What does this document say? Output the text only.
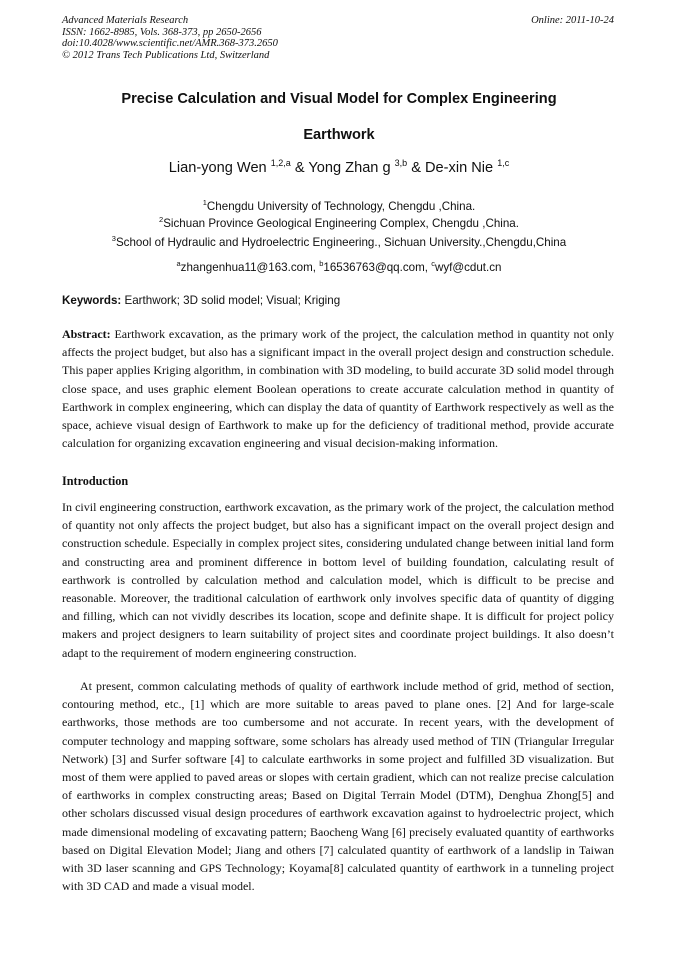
Advanced Materials Research
ISSN: 1662-8985, Vols. 368-373, pp 2650-2656
doi:10.4028/www.scientific.net/AMR.368-373.2650
© 2012 Trans Tech Publications Ltd, Switzerland
Online: 2011-10-24
Precise Calculation and Visual Model for Complex Engineering
Earthwork
Lian-yong Wen $^{1,2,a}$ & Yong Zhan g $^{3,b}$ & De-xin Nie $^{1,c}$
$^1$Chengdu University of Technology, Chengdu ,China.
$^2$Sichuan Province Geological Engineering Complex, Chengdu ,China.
$^3$School of Hydraulic and Hydroelectric Engineering., Sichuan University.,Chengdu,China
$^a$zhangenhua11@163.com, $^b$16536763@qq.com, $^c$wyf@cdut.cn
Keywords: Earthwork; 3D solid model; Visual; Kriging
Abstract: Earthwork excavation, as the primary work of the project, the calculation method in quantity not only affects the project budget, but also has a significant impact in the overall project design and construction schedule. This paper applies Kriging algorithm, in combination with 3D modeling, to build accurate 3D solid model through close space, and uses graphic element Boolean operations to create accurate calculation method in quantity of Earthwork in complex engineering, which can display the data of quantity of Earthwork respectively as well as the space, achieve visual design of Earthwork to make up for the deficiency of traditional method, provide accurate calculation for organizing excavation engineering and visual decision-making information.
Introduction
In civil engineering construction, earthwork excavation, as the primary work of the project, the calculation method of quantity not only affects the project budget, but also has a significant impact on the overall project design and construction schedule. Especially in complex project sites, considering undulated change between initial land form and constructing area and prominent difference in bottom level of building foundation, calculating result of earthwork is controlled by calculation method and calculation model, which is difficult to be precise and reasonable. Moreover, the traditional calculation of earthwork only involves specific data of quantity of digging and filling, which can not vividly describes its location, scope and definite shape. It is difficult for project policy makers and project designers to learn suitability of project sites and coordinate project buildings. It also doesn’t adapt to the requirement of modern engineering construction.
At present, common calculating methods of quality of earthwork include method of grid, method of section, contouring method, etc., [1] which are more suitable to areas paved to plane ones. [2] And for large-scale earthworks, those methods are too cumbersome and not accurate. In recent years, with the development of computer technology and mapping software, some scholars has already used method of TIN (Triangular Irregular Network) [3] and Surfer software [4] to calculate earthworks in some project and fulfilled 3D visualization. But most of them were applied to paved areas or slopes with certain gradient, which can not realize precise calculation of earthworks in complex constructing areas; Based on Digital Terrain Model (DTM), Denghua Zhong[5] and other scholars discussed visual design procedures of earthwork excavation against to hydroelectric project, which made dimensional modeling of excavating pattern; Baocheng Wang [6] precisely evaluated quantity of earthworks based on Digital Elevation Model; Jiang and others [7] calculated quantity of earthwork of a landslip in Taiwan with 3D laser scanning and GPS Technology; Koyama[8] calculated quantity of earthwork in a tunneling project with 3D CAD and made a visual model.
